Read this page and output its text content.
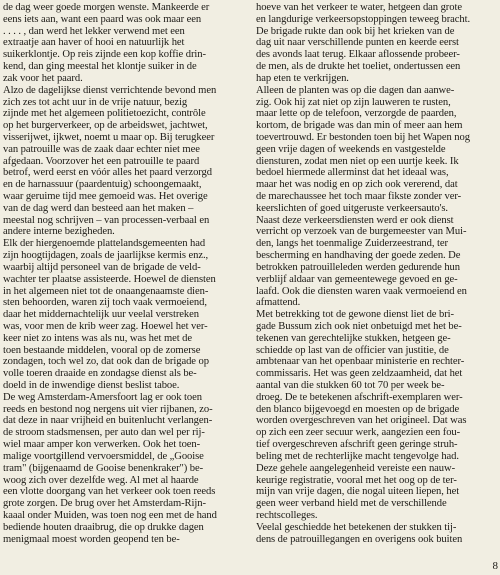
de dag weer goede morgen wenste. Mankeerde er
eens iets aan, want een paard was ook maar een
. . . . , dan werd het lekker verwend met een
extraatje aan haver of hooi en natuurlijk het
suikerklontje. Op reis zijnde een kop koffie drin-
kend, dan ging meestal het klontje suiker in de
zak voor het paard.
Alzo de dagelijkse dienst verrichtende bevond men
zich zes tot acht uur in de vrije natuur, bezig
zijnde met het algemeen politietoezicht, contrôle
op het burgerverkeer, op de arbeidswet, jachtwet,
visserijwet, ijkwet, noemt u maar op. Bij terugkeer
van patrouille was de zaak daar echter niet mee
afgedaan. Voorzover het een patrouille te paard
betrof, werd eerst en vóór alles het paard verzorgd
en de harnassuur (paardentuig) schoongemaakt,
waar geruime tijd mee gemoeid was. Het overige
van de dag werd dan besteed aan het maken –
meestal nog schrijven – van processen-verbaal en
andere interne bezigheden.
Elk der hiergenoemde plattelandsgemeenten had
zijn hoogtijdagen, zoals de jaarlijkse kermis enz.,
waarbij altijd personeel van de brigade de veld-
wachter ter plaatse assisteerde. Hoewel de diensten
in het algemeen niet tot de onaangenaamste dien-
sten behoorden, waren zij toch vaak vermoeiend,
daar het middernachtelijk uur veelal verstreken
was, voor men de krib weer zag. Hoewel het ver-
keer niet zo intens was als nu, was het met de
toen bestaande middelen, vooral op de zomerse
zondagen, toch wel zo, dat ook dan de brigade op
volle toeren draaide en zondagse dienst als be-
doeld in de inwendige dienst beslist taboe.
De weg Amsterdam-Amersfoort lag er ook toen
reeds en bestond nog nergens uit vier rijbanen, zo-
dat deze in naar vrijheid en buitenlucht verlangen-
de stroom stadsmensen, per auto dan wel per rij-
wiel maar amper kon verwerken. Ook het toen-
malige voortgillend vervoersmiddel, de „Gooise
tram" (bijgenaamd de Gooise benenkraker") be-
woog zich over dezelfde weg. Al met al haarde
een vlotte doorgang van het verkeer ook toen reeds
grote zorgen. De brug over het Amsterdam-Rijn-
kaaal onder Muiden, was toen nog een met de hand
bediende houten draaibrug, die op drukke dagen
menigmaal moest worden geopend ten be-
hoeve van het verkeer te water, hetgeen dan grote
en langdurige verkeersopstoppingen teweeg bracht.
De brigade rukte dan ook bij het krieken van de
dag uit naar verschillende punten en keerde eerst
des avonds laat terug. Elkaar aflossende probeer-
de men, als de drukte het toeliet, ondertussen een
hap eten te verkrijgen.
Alleen de planten was op die dagen dan aanwe-
zig. Ook hij zat niet op zijn lauweren te rusten,
maar lette op de telefoon, verzorgde de paarden,
kortom, de brigade was dan min of meer aan hem
toevertrouwd. Er bestonden toen bij het Wapen nog
geen vrije dagen of weekends en vastgestelde
diensturen, zodat men niet op een uurtje keek. Ik
bedoel hiermede allerminst dat het ideaal was,
maar het was nodig en op zich ook vererend, dat
de marechaussee het toch maar fikste zonder ver-
keerslichten of goed uitgeruste verkeersauto's.
Naast deze verkeersdiensten werd er ook dienst
verricht op verzoek van de burgemeester van Mui-
den, langs het toenmalige Zuiderzeestrand, ter
bescherming en handhaving der goede zeden. De
betrokken patrouilleleden werden gedurende hun
verblijf aldaar van gemeentewege gevoed en ge-
laafd. Ook die diensten waren vaak vermoeiend en
afmattend.
Met betrekking tot de gewone dienst liet de bri-
gade Bussum zich ook niet onbetuigd met het be-
tekenen van gerechtelijke stukken, hetgeen ge-
schiedde op last van de officier van justitie, de
ambtenaar van het openbaar ministerie en rechter-
commissaris. Het was geen zeldzaamheid, dat het
aantal van die stukken 60 tot 70 per week be-
droeg. De te betekenen afschrift-exemplaren wer-
den blanco bijgevoegd en moesten op de brigade
worden overgeschreven van het origineel. Dat was
op zich een zeer secuur werk, aangezien een fou-
tief overgeschreven afschrift geen geringe struh-
beling met de rechterlijke macht tengevolge had.
Deze gehele aangelegenheid vereiste een nauw-
keurige registratie, vooral met het oog op de ter-
mijn van vrije dagen, die nogal uiteen liepen, het
geen weer verband hield met de verschillende
rechtscolleges.
Veelal geschiedde het betekenen der stukken tij-
dens de patrouillegangen en overigens ook buiten
8
